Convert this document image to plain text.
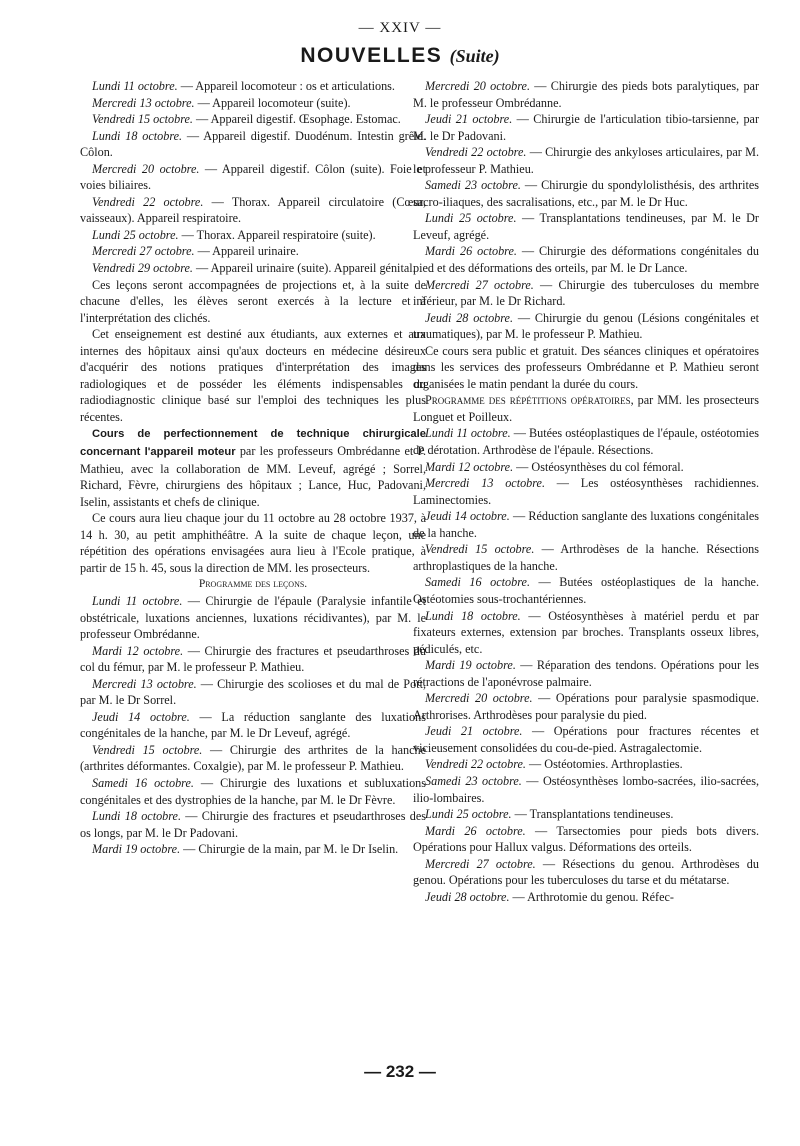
— XXIV —
NOUVELLES (Suite)

Lundi 11 octobre. — Appareil locomoteur : os et articulations.

Mercredi 13 octobre. — Appareil locomoteur (suite).

Vendredi 15 octobre. — Appareil digestif. Œsophage. Estomac.

Lundi 18 octobre. — Appareil digestif. Duodénum. Intestin grêle. Côlon.

Mercredi 20 octobre. — Appareil digestif. Côlon (suite). Foie et voies biliaires.

Vendredi 22 octobre. — Thorax. Appareil circulatoire (Cœur, vaisseaux). Appareil respiratoire.

Lundi 25 octobre. — Thorax. Appareil respiratoire (suite).

Mercredi 27 octobre. — Appareil urinaire.

Vendredi 29 octobre. — Appareil urinaire (suite). Appareil génital.

Ces leçons seront accompagnées de projections et, à la suite de chacune d'elles, les élèves seront exercés à la lecture et à l'interprétation des clichés.

Cet enseignement est destiné aux étudiants, aux externes et aux internes des hôpitaux ainsi qu'aux docteurs en médecine désireux d'acquérir des notions pratiques d'interprétation des images radiologiques et de posséder les éléments indispensables du radiodiagnostic clinique basé sur l'emploi des techniques les plus récentes.

Cours de perfectionnement de technique chirurgicale concernant l'appareil moteur par les professeurs Ombrédanne et P. Mathieu, avec la collaboration de MM. Leveuf, agrégé ; Sorrel, Richard, Fèvre, chirurgiens des hôpitaux ; Lance, Huc, Padovani, Iselin, assistants et chefs de clinique.

Ce cours aura lieu chaque jour du 11 octobre au 28 octobre 1937, à 14 h. 30, au petit amphithéâtre. A la suite de chaque leçon, une répétition des opérations envisagées aura lieu à l'Ecole pratique, à partir de 15 h. 45, sous la direction de MM. les prosecteurs.

Programme des leçons.

Lundi 11 octobre. — Chirurgie de l'épaule (Paralysie infantile et obstétricale, luxations anciennes, luxations récidivantes), par M. le professeur Ombrédanne.

Mardi 12 octobre. — Chirurgie des fractures et pseudarthroses du col du fémur, par M. le professeur P. Mathieu.

Mercredi 13 octobre. — Chirurgie des scolioses et du mal de Pott, par M. le Dr Sorrel.

Jeudi 14 octobre. — La réduction sanglante des luxations congénitales de la hanche, par M. le Dr Leveuf, agrégé.

Vendredi 15 octobre. — Chirurgie des arthrites de la hanche (arthrites déformantes. Coxalgie), par M. le professeur P. Mathieu.

Samedi 16 octobre. — Chirurgie des luxations et subluxations congénitales et des dystrophies de la hanche, par M. le Dr Fèvre.

Lundi 18 octobre. — Chirurgie des fractures et pseudarthroses des os longs, par M. le Dr Padovani.

Mardi 19 octobre. — Chirurgie de la main, par M. le Dr Iselin.

Mercredi 20 octobre. — Chirurgie des pieds bots paralytiques, par M. le professeur Ombrédanne.

Jeudi 21 octobre. — Chirurgie de l'articulation tibio-tarsienne, par M. le Dr Padovani.

Vendredi 22 octobre. — Chirurgie des ankyloses articulaires, par M. le professeur P. Mathieu.

Samedi 23 octobre. — Chirurgie du spondylolisthésis, des arthrites sacro-iliaques, des sacralisations, etc., par M. le Dr Huc.

Lundi 25 octobre. — Transplantations tendineuses, par M. le Dr Leveuf, agrégé.

Mardi 26 octobre. — Chirurgie des déformations congénitales du pied et des déformations des orteils, par M. le Dr Lance.

Mercredi 27 octobre. — Chirurgie des tuberculoses du membre inférieur, par M. le Dr Richard.

Jeudi 28 octobre. — Chirurgie du genou (Lésions congénitales et traumatiques), par M. le professeur P. Mathieu.

Ce cours sera public et gratuit. Des séances cliniques et opératoires dans les services des professeurs Ombrédanne et P. Mathieu seront organisées le matin pendant la durée du cours.

Programme des répétitions opératoires, par MM. les prosecteurs Longuet et Poilleux.

Lundi 11 octobre. — Butées ostéoplastiques de l'épaule, ostéotomies de dérotation. Arthrodèse de l'épaule. Résections.

Mardi 12 octobre. — Ostéosynthèses du col fémoral.

Mercredi 13 octobre. — Les ostéosynthèses rachidiennes. Laminectomies.

Jeudi 14 octobre. — Réduction sanglante des luxations congénitales de la hanche.

Vendredi 15 octobre. — Arthrodèses de la hanche. Résections arthroplastiques de la hanche.

Samedi 16 octobre. — Butées ostéoplastiques de la hanche. Ostéotomies sous-trochantériennes.

Lundi 18 octobre. — Ostéosynthèses à matériel perdu et par fixateurs externes, extension par broches. Transplants osseux libres, pédiculés, etc.

Mardi 19 octobre. — Réparation des tendons. Opérations pour les rétractions de l'aponévrose palmaire.

Mercredi 20 octobre. — Opérations pour paralysie spasmodique. Arthrorises. Arthrodèses pour paralysie du pied.

Jeudi 21 octobre. — Opérations pour fractures récentes et vicieusement consolidées du cou-de-pied. Astragalectomie.

Vendredi 22 octobre. — Ostéotomies. Arthroplasties.

Samedi 23 octobre. — Ostéosynthèses lombo-sacrées, ilio-sacrées, ilio-lombaires.

Lundi 25 octobre. — Transplantations tendineuses.

Mardi 26 octobre. — Tarsectomies pour pieds bots divers. Opérations pour Hallux valgus. Déformations des orteils.

Mercredi 27 octobre. — Résections du genou. Arthrodèses du genou. Opérations pour les tuberculoses du tarse et du métatarse.

Jeudi 28 octobre. — Arthrotomie du genou. Réfec-

— 232 —
